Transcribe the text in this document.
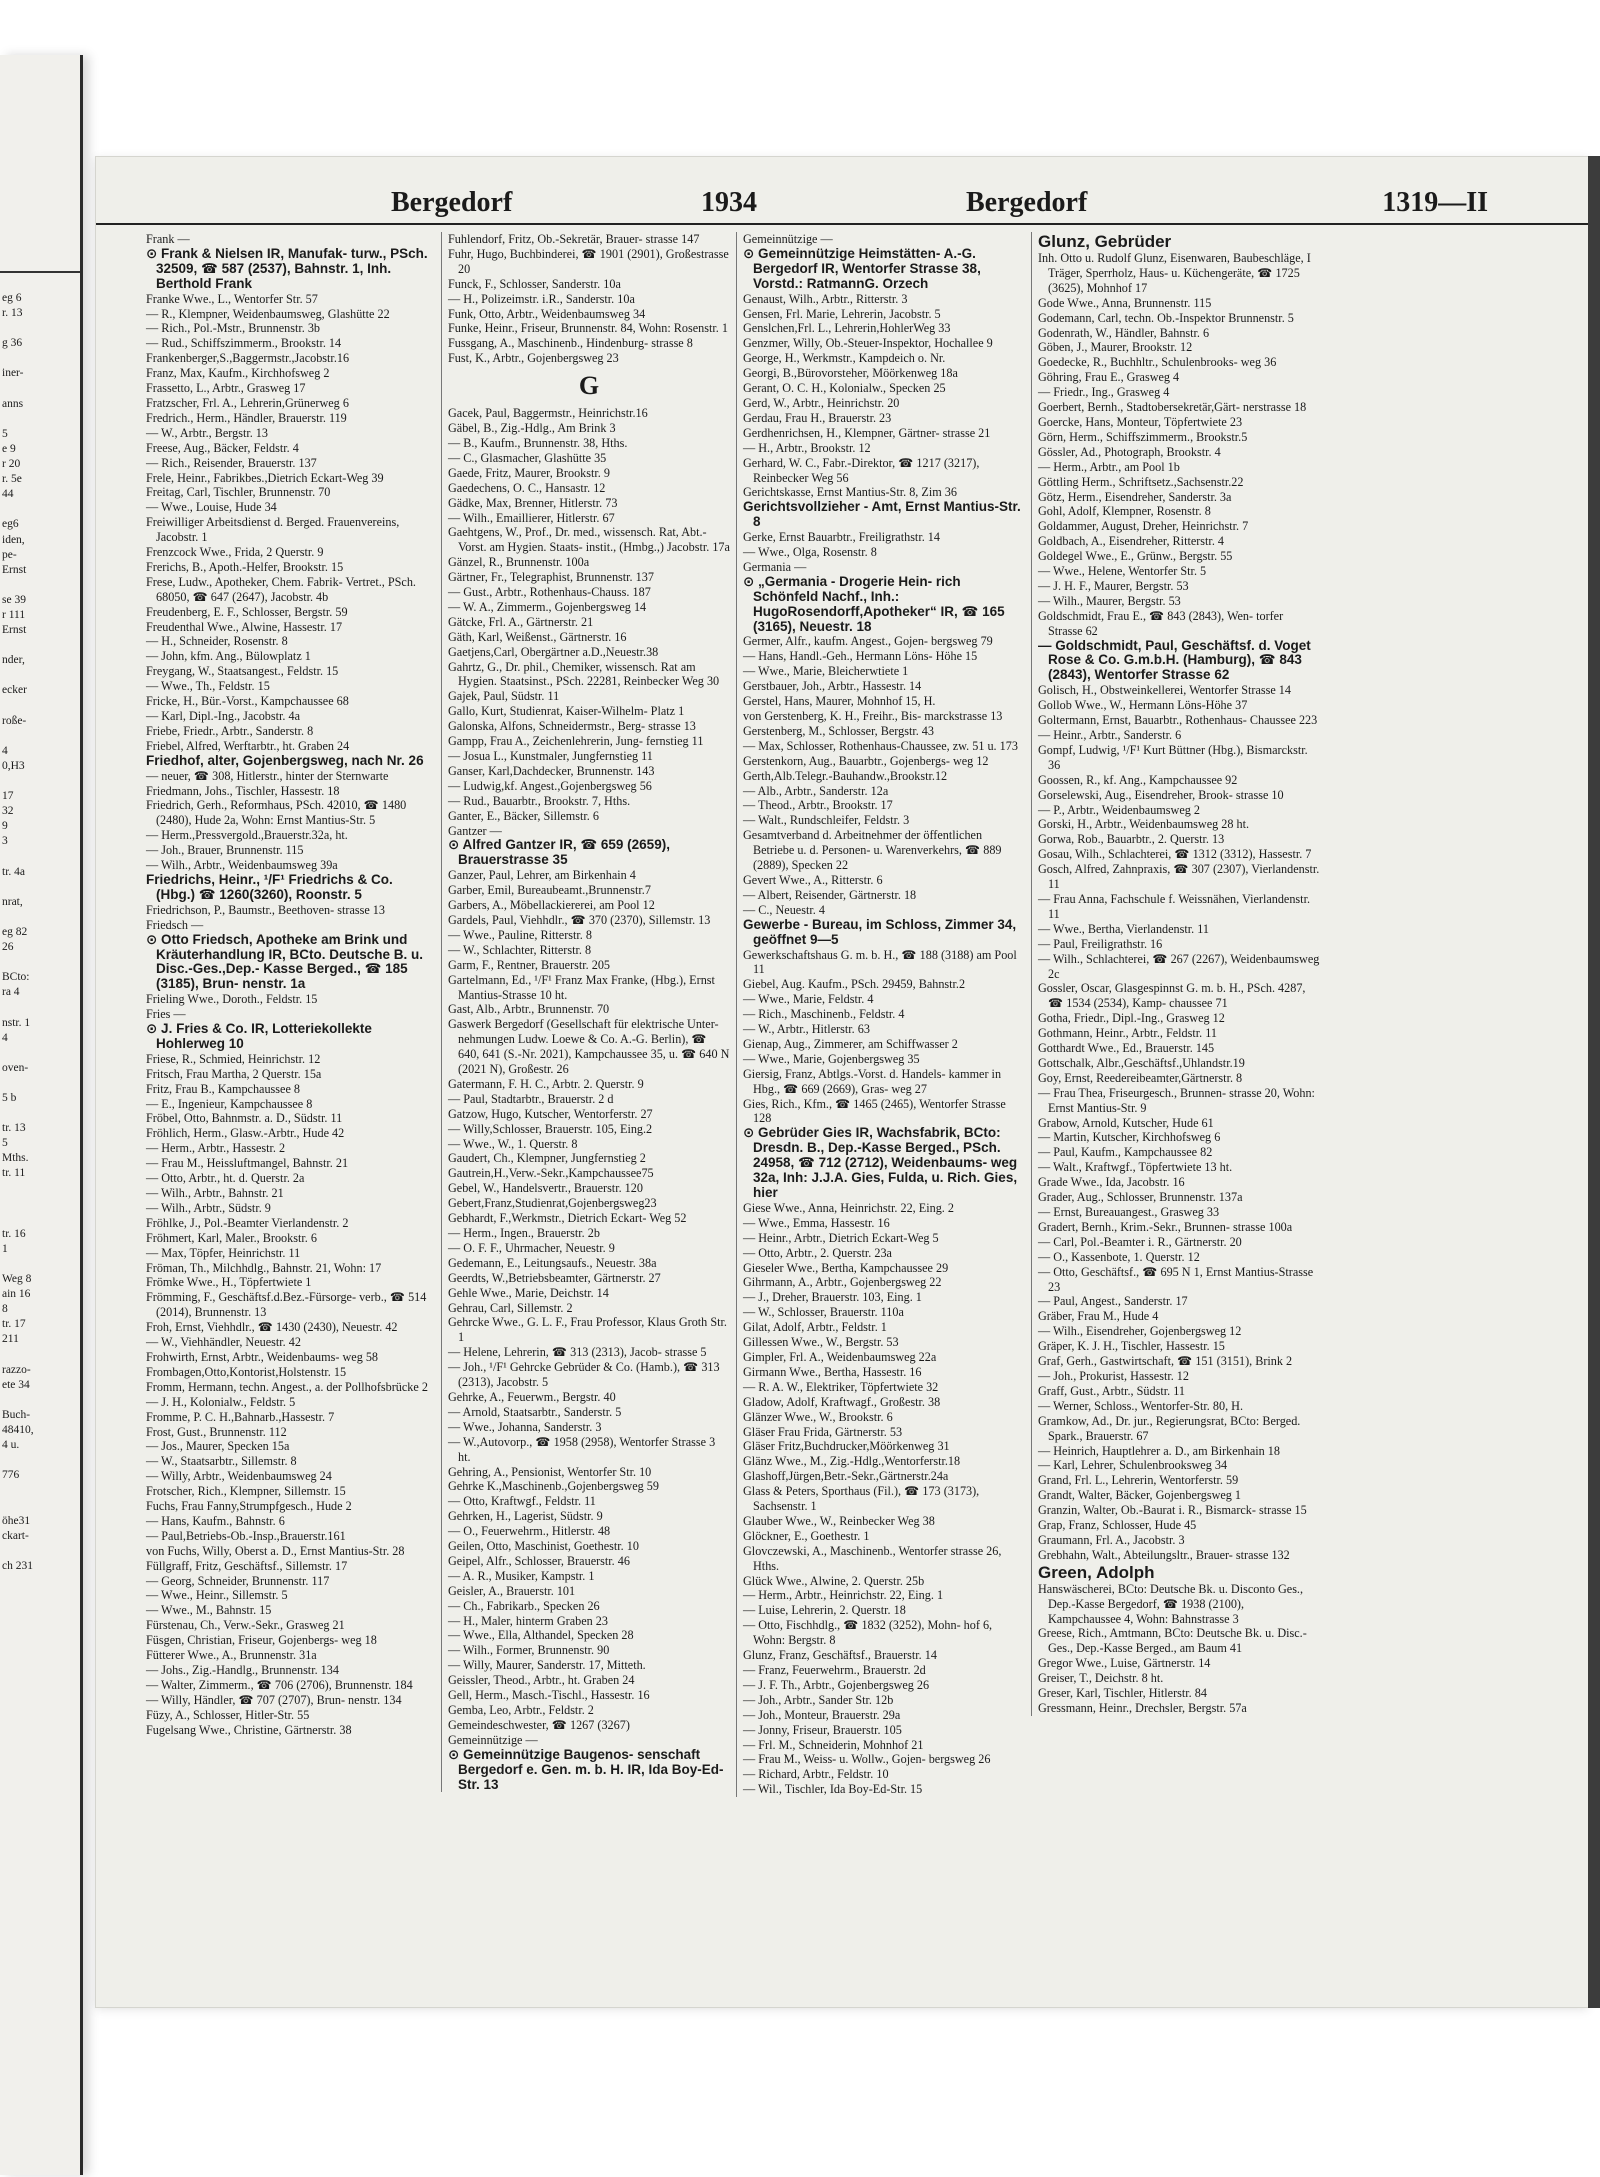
eg 6
r. 13

g 36

iner-

anns

5
e 9
r 20
r. 5e
44

eg6
iden,
pe-
Ernst

se 39
r 111
Ernst

nder,

ecker

roße-

4
0,H3

17
32
9
3

tr. 4a

nrat,

eg 82
26

BCto:
ra 4

nstr. 1
4

oven-

5 b

tr. 13
5
Mths.
tr. 11

tr. 16
1

Weg 8
ain 16
8
tr. 17
211

razzo-
ete 34

Buch-
48410,
4 u.

776

öhe31
ckart-

ch 231
Bergedorf	1934	Bergedorf	1319—II

Frank —

⊙ Frank & Nielsen IR, Manufak- turw., PSch. 32509, ☎ 587 (2537), Bahnstr. 1, Inh. Berthold Frank

Franke Wwe., L., Wentorfer Str. 57

— R., Klempner, Weidenbaumsweg, Glashütte 22

— Rich., Pol.-Mstr., Brunnenstr. 3b

— Rud., Schiffszimmerm., Brookstr. 14

Frankenberger,S.,Baggermstr.,Jacobstr.16

Franz, Max, Kaufm., Kirchhofsweg 2

Frassetto, L., Arbtr., Grasweg 17

Fratzscher, Frl. A., Lehrerin,Grünerweg 6

Fredrich., Herm., Händler, Brauerstr. 119

— W., Arbtr., Bergstr. 13

Freese, Aug., Bäcker, Feldstr. 4

— Rich., Reisender, Brauerstr. 137

Frele, Heinr., Fabrikbes.,Dietrich Eckart-Weg 39

Freitag, Carl, Tischler, Brunnenstr. 70

— Wwe., Louise, Hude 34

Freiwilliger Arbeitsdienst d. Berged. Frauenvereins, Jacobstr. 1

Frenzcock Wwe., Frida, 2 Querstr. 9

Frerichs, B., Apoth.-Helfer, Brookstr. 15

Frese, Ludw., Apotheker, Chem. Fabrik- Vertret., PSch. 68050, ☎ 647 (2647), Jacobstr. 4b

Freudenberg, E. F., Schlosser, Bergstr. 59

Freudenthal Wwe., Alwine, Hassestr. 17

— H., Schneider, Rosenstr. 8

— John, kfm. Ang., Bülowplatz 1

Freygang, W., Staatsangest., Feldstr. 15

— Wwe., Th., Feldstr. 15

Fricke, H., Bür.-Vorst., Kampchaussee 68

— Karl, Dipl.-Ing., Jacobstr. 4a

Friebe, Friedr., Arbtr., Sanderstr. 8

Friebel, Alfred, Werftarbtr., ht. Graben 24

Friedhof, alter, Gojenbergsweg, nach Nr. 26

— neuer, ☎ 308, Hitlerstr., hinter der Sternwarte

Friedmann, Johs., Tischler, Hassestr. 18

Friedrich, Gerh., Reformhaus, PSch. 42010, ☎ 1480 (2480), Hude 2a, Wohn: Ernst Mantius-Str. 5

— Herm.,Pressvergold.,Brauerstr.32a, ht.

— Joh., Brauer, Brunnenstr. 115

— Wilh., Arbtr., Weidenbaumsweg 39a

Friedrichs, Heinr., ¹/F¹ Friedrichs & Co. (Hbg.) ☎ 1260(3260), Roonstr. 5

Friedrichson, P., Baumstr., Beethoven- strasse 13

Friedsch —

⊙ Otto Friedsch, Apotheke am Brink und Kräuterhandlung IR, BCto. Deutsche B. u. Disc.-Ges.,Dep.- Kasse Berged., ☎ 185 (3185), Brun- nenstr. 1a

Frieling Wwe., Doroth., Feldstr. 15

Fries —

⊙ J. Fries & Co. IR, Lotteriekollekte Hohlerweg 10

Friese, R., Schmied, Heinrichstr. 12

Fritsch, Frau Martha, 2 Querstr. 15a

Fritz, Frau B., Kampchaussee 8

— E., Ingenieur, Kampchaussee 8

Fröbel, Otto, Bahnmstr. a. D., Südstr. 11

Fröhlich, Herm., Glasw.-Arbtr., Hude 42

— Herm., Arbtr., Hassestr. 2

— Frau M., Heissluftmangel, Bahnstr. 21

— Otto, Arbtr., ht. d. Querstr. 2a

— Wilh., Arbtr., Bahnstr. 21

— Wilh., Arbtr., Südstr. 9

Fröhlke, J., Pol.-Beamter Vierlandenstr. 2

Fröhmert, Karl, Maler., Brookstr. 6

— Max, Töpfer, Heinrichstr. 11

Fröman, Th., Milchhdlg., Bahnstr. 21, Wohn: 17

Frömke Wwe., H., Töpfertwiete 1

Frömming, F., Geschäftsf.d.Bez.-Fürsorge- verb., ☎ 514 (2014), Brunnenstr. 13

Froh, Ernst, Viehhdlr., ☎ 1430 (2430), Neuestr. 42

— W., Viehhändler, Neuestr. 42

Frohwirth, Ernst, Arbtr., Weidenbaums- weg 58

Frombagen,Otto,Kontorist,Holstenstr. 15

Fromm, Hermann, techn. Angest., a. der Pollhofsbrücke 2

— J. H., Kolonialw., Feldstr. 5

Fromme, P. C. H.,Bahnarb.,Hassestr. 7

Frost, Gust., Brunnenstr. 112

— Jos., Maurer, Specken 15a

— W., Staatsarbtr., Sillemstr. 8

— Willy, Arbtr., Weidenbaumsweg 24

Frotscher, Rich., Klempner, Sillemstr. 15

Fuchs, Frau Fanny,Strumpfgesch., Hude 2

— Hans, Kaufm., Bahnstr. 6

— Paul,Betriebs-Ob.-Insp.,Brauerstr.161

von Fuchs, Willy, Oberst a. D., Ernst Mantius-Str. 28

Füllgraff, Fritz, Geschäftsf., Sillemstr. 17

— Georg, Schneider, Brunnenstr. 117

— Wwe., Heinr., Sillemstr. 5

— Wwe., M., Bahnstr. 15

Fürstenau, Ch., Verw.-Sekr., Grasweg 21

Füsgen, Christian, Friseur, Gojenbergs- weg 18

Fütterer Wwe., A., Brunnenstr. 31a

— Johs., Zig.-Handlg., Brunnenstr. 134

— Walter, Zimmerm., ☎ 706 (2706), Brunnenstr. 184

— Willy, Händler, ☎ 707 (2707), Brun- nenstr. 134

Füzy, A., Schlosser, Hitler-Str. 55

Fugelsang Wwe., Christine, Gärtnerstr. 38

Fuhlendorf, Fritz, Ob.-Sekretär, Brauer- strasse 147

Fuhr, Hugo, Buchbinderei, ☎ 1901 (2901), Großestrasse 20

Funck, F., Schlosser, Sanderstr. 10a

— H., Polizeimstr. i.R., Sanderstr. 10a

Funk, Otto, Arbtr., Weidenbaumsweg 34

Funke, Heinr., Friseur, Brunnenstr. 84, Wohn: Rosenstr. 1

Fussgang, A., Maschinenb., Hindenburg- strasse 8

Fust, K., Arbtr., Gojenbergsweg 23

G

Gacek, Paul, Baggermstr., Heinrichstr.16

Gäbel, B., Zig.-Hdlg., Am Brink 3

— B., Kaufm., Brunnenstr. 38, Hths.

— C., Glasmacher, Glashütte 35

Gaede, Fritz, Maurer, Brookstr. 9

Gaedechens, O. C., Hansastr. 12

Gädke, Max, Brenner, Hitlerstr. 73

— Wilh., Emaillierer, Hitlerstr. 67

Gaehtgens, W., Prof., Dr. med., wissensch. Rat, Abt.-Vorst. am Hygien. Staats- instit., (Hmbg.,) Jacobstr. 17a

Gänzel, R., Brunnenstr. 100a

Gärtner, Fr., Telegraphist, Brunnenstr. 137

— Gust., Arbtr., Rothenhaus-Chauss. 187

— W. A., Zimmerm., Gojenbergsweg 14

Gätcke, Frl. A., Gärtnerstr. 21

Gäth, Karl, Weißenst., Gärtnerstr. 16

Gaetjens,Carl, Obergärtner a.D.,Neuestr.38

Gahrtz, G., Dr. phil., Chemiker, wissensch. Rat am Hygien. Staatsinst., PSch. 22281, Reinbecker Weg 30

Gajek, Paul, Südstr. 11

Gallo, Kurt, Studienrat, Kaiser-Wilhelm- Platz 1

Galonska, Alfons, Schneidermstr., Berg- strasse 13

Gampp, Frau A., Zeichenlehrerin, Jung- fernstieg 11

— Josua L., Kunstmaler, Jungfernstieg 11

Ganser, Karl,Dachdecker, Brunnenstr. 143

— Ludwig,kf. Angest.,Gojenbergsweg 56

— Rud., Bauarbtr., Brookstr. 7, Hths.

Ganter, E., Bäcker, Sillemstr. 6

Gantzer —

⊙ Alfred Gantzer IR, ☎ 659 (2659), Brauerstrasse 35

Ganzer, Paul, Lehrer, am Birkenhain 4

Garber, Emil, Bureaubeamt.,Brunnenstr.7

Garbers, A., Möbellackiererei, am Pool 12

Gardels, Paul, Viehhdlr., ☎ 370 (2370), Sillemstr. 13

— Wwe., Pauline, Ritterstr. 8

— W., Schlachter, Ritterstr. 8

Garm, F., Rentner, Brauerstr. 205

Gartelmann, Ed., ¹/F¹ Franz Max Franke, (Hbg.), Ernst Mantius-Strasse 10 ht.

Gast, Alb., Arbtr., Brunnenstr. 70

Gaswerk Bergedorf (Gesellschaft für elektrische Unter- nehmungen Ludw. Loewe & Co. A.-G. Berlin), ☎ 640, 641 (S.-Nr. 2021), Kampchaussee 35, u. ☎ 640 N (2021 N), Großestr. 26

Gatermann, F. H. C., Arbtr. 2. Querstr. 9

— Paul, Stadtarbtr., Brauerstr. 2 d

Gatzow, Hugo, Kutscher, Wentorferstr. 27

— Willy,Schlosser, Brauerstr. 105, Eing.2

— Wwe., W., 1. Querstr. 8

Gaudert, Ch., Klempner, Jungfernstieg 2

Gautrein,H.,Verw.-Sekr.,Kampchaussee75

Gebel, W., Handelsvertr., Brauerstr. 120

Gebert,Franz,Studienrat,Gojenbergsweg23

Gebhardt, F.,Werkmstr., Dietrich Eckart- Weg 52

— Herm., Ingen., Brauerstr. 2b

— O. F. F., Uhrmacher, Neuestr. 9

Gedemann, E., Leitungsaufs., Neuestr. 38a

Geerdts, W.,Betriebsbeamter, Gärtnerstr. 27

Gehle Wwe., Marie, Deichstr. 14

Gehrau, Carl, Sillemstr. 2

Gehrcke Wwe., G. L. F., Frau Professor, Klaus Groth Str. 1

— Helene, Lehrerin, ☎ 313 (2313), Jacob- strasse 5

— Joh., ¹/F¹ Gehrcke Gebrüder & Co. (Hamb.), ☎ 313 (2313), Jacobstr. 5

Gehrke, A., Feuerwm., Bergstr. 40

— Arnold, Staatsarbtr., Sanderstr. 5

— Wwe., Johanna, Sanderstr. 3

— W.,Autovorp., ☎ 1958 (2958), Wentorfer Strasse 3 ht.

Gehring, A., Pensionist, Wentorfer Str. 10

Gehrke K.,Maschinenb.,Gojenbergsweg 59

— Otto, Kraftwgf., Feldstr. 11

Gehrken, H., Lagerist, Südstr. 9

— O., Feuerwehrm., Hitlerstr. 48

Geilen, Otto, Maschinist, Goethestr. 10

Geipel, Alfr., Schlosser, Brauerstr. 46

— A. R., Musiker, Kampstr. 1

Geisler, A., Brauerstr. 101

— Ch., Fabrikarb., Specken 26

— H., Maler, hinterm Graben 23

— Wwe., Ella, Althandel, Specken 28

— Wilh., Former, Brunnenstr. 90

— Willy, Maurer, Sanderstr. 17, Mitteth.

Geissler, Theod., Arbtr., ht. Graben 24

Gell, Herm., Masch.-Tischl., Hassestr. 16

Gemba, Leo, Arbtr., Feldstr. 2

Gemeindeschwester, ☎ 1267 (3267)

Gemeinnützige —

⊙ Gemeinnützige Baugenos- senschaft Bergedorf e. Gen. m. b. H. IR, Ida Boy-Ed-Str. 13

Gemeinnützige —

⊙ Gemeinnützige Heimstätten- A.-G. Bergedorf IR, Wentorfer Strasse 38, Vorstd.: RatmannG. Orzech

Genaust, Wilh., Arbtr., Ritterstr. 3

Gensen, Frl. Marie, Lehrerin, Jacobstr. 5

Genslchen,Frl. L., Lehrerin,HohlerWeg 33

Genzmer, Willy, Ob.-Steuer-Inspektor, Hochallee 9

George, H., Werkmstr., Kampdeich o. Nr.

Georgi, B.,Bürovorsteher, Möörkenweg 18a

Gerant, O. C. H., Kolonialw., Specken 25

Gerd, W., Arbtr., Heinrichstr. 20

Gerdau, Frau H., Brauerstr. 23

Gerdhenrichsen, H., Klempner, Gärtner- strasse 21

— H., Arbtr., Brookstr. 12

Gerhard, W. C., Fabr.-Direktor, ☎ 1217 (3217), Reinbecker Weg 56

Gerichtskasse, Ernst Mantius-Str. 8, Zim 36

Gerichtsvollzieher - Amt, Ernst Mantius-Str. 8

Gerke, Ernst Bauarbtr., Freiligrathstr. 14

— Wwe., Olga, Rosenstr. 8

Germania —

⊙ „Germania - Drogerie Hein- rich Schönfeld Nachf., Inh.: HugoRosendorff,Apotheker“ IR, ☎ 165 (3165), Neuestr. 18

Germer, Alfr., kaufm. Angest., Gojen- bergsweg 79

— Hans, Handl.-Geh., Hermann Löns- Höhe 15

— Wwe., Marie, Bleicherwtiete 1

Gerstbauer, Joh., Arbtr., Hassestr. 14

Gerstel, Hans, Maurer, Mohnhof 15, H.

von Gerstenberg, K. H., Freihr., Bis- marckstrasse 13

Gerstenberg, M., Schlosser, Bergstr. 43

— Max, Schlosser, Rothenhaus-Chaussee, zw. 51 u. 173

Gerstenkorn, Aug., Bauarbtr., Gojenbergs- weg 12

Gerth,Alb.Telegr.-Bauhandw.,Brookstr.12

— Alb., Arbtr., Sanderstr. 12a

— Theod., Arbtr., Brookstr. 17

— Walt., Rundschleifer, Feldstr. 3

Gesamtverband d. Arbeitnehmer der öffentlichen Betriebe u. d. Personen- u. Warenverkehrs, ☎ 889 (2889), Specken 22

Gevert Wwe., A., Ritterstr. 6

— Albert, Reisender, Gärtnerstr. 18

— C., Neuestr. 4

Gewerbe - Bureau, im Schloss, Zimmer 34, geöffnet 9—5

Gewerkschaftshaus G. m. b. H., ☎ 188 (3188) am Pool 11

Giebel, Aug. Kaufm., PSch. 29459, Bahnstr.2

— Wwe., Marie, Feldstr. 4

— Rich., Maschinenb., Feldstr. 4

— W., Arbtr., Hitlerstr. 63

Gienap, Aug., Zimmerer, am Schiffwasser 2

— Wwe., Marie, Gojenbergsweg 35

Giersig, Franz, Abtlgs.-Vorst. d. Handels- kammer in Hbg., ☎ 669 (2669), Gras- weg 27

Gies, Rich., Kfm., ☎ 1465 (2465), Wentorfer Strasse 128

⊙ Gebrüder Gies IR, Wachsfabrik, BCto: Dresdn. B., Dep.-Kasse Berged., PSch. 24958, ☎ 712 (2712), Weidenbaums- weg 32a, Inh: J.J.A. Gies, Fulda, u. Rich. Gies, hier

Giese Wwe., Anna, Heinrichstr. 22, Eing. 2

— Wwe., Emma, Hassestr. 16

— Heinr., Arbtr., Dietrich Eckart-Weg 5

— Otto, Arbtr., 2. Querstr. 23a

Gieseler Wwe., Bertha, Kampchaussee 29

Gihrmann, A., Arbtr., Gojenbergsweg 22

— J., Dreher, Brauerstr. 103, Eing. 1

— W., Schlosser, Brauerstr. 110a

Gilat, Adolf, Arbtr., Feldstr. 1

Gillessen Wwe., W., Bergstr. 53

Gimpler, Frl. A., Weidenbaumsweg 22a

Girmann Wwe., Bertha, Hassestr. 16

— R. A. W., Elektriker, Töpfertwiete 32

Gladow, Adolf, Kraftwagf., Großestr. 38

Glänzer Wwe., W., Brookstr. 6

Gläser Frau Frida, Gärtnerstr. 53

Gläser Fritz,Buchdrucker,Möörkenweg 31

Glänz Wwe., M., Zig.-Hdlg.,Wentorferstr.18

Glashoff,Jürgen,Betr.-Sekr.,Gärtnerstr.24a

Glass & Peters, Sporthaus (Fil.), ☎ 173 (3173), Sachsenstr. 1

Glauber Wwe., W., Reinbecker Weg 38

Glöckner, E., Goethestr. 1

Glovczewski, A., Maschinenb., Wentorfer strasse 26, Hths.

Glück Wwe., Alwine, 2. Querstr. 25b

— Herm., Arbtr., Heinrichstr. 22, Eing. 1

— Luise, Lehrerin, 2. Querstr. 18

— Otto, Fischhdlg., ☎ 1832 (3252), Mohn- hof 6, Wohn: Bergstr. 8

Glunz, Franz, Geschäftsf., Brauerstr. 14

— Franz, Feuerwehrm., Brauerstr. 2d

— J. F. Th., Arbtr., Gojenbergsweg 26

— Joh., Arbtr., Sander Str. 12b

— Joh., Monteur, Brauerstr. 29a

— Jonny, Friseur, Brauerstr. 105

— Frl. M., Schneiderin, Mohnhof 21

— Frau M., Weiss- u. Wollw., Gojen- bergsweg 26

— Richard, Arbtr., Feldstr. 10

— Wil., Tischler, Ida Boy-Ed-Str. 15

Glunz, Gebrüder

Inh. Otto u. Rudolf Glunz, Eisenwaren, Baubeschläge, I Träger, Sperrholz, Haus- u. Küchengeräte, ☎ 1725 (3625), Mohnhof 17

Gode Wwe., Anna, Brunnenstr. 115

Godemann, Carl, techn. Ob.-Inspektor Brunnenstr. 5

Godenrath, W., Händler, Bahnstr. 6

Göben, J., Maurer, Brookstr. 12

Goedecke, R., Buchhltr., Schulenbrooks- weg 36

Göhring, Frau E., Grasweg 4

— Friedr., Ing., Grasweg 4

Goerbert, Bernh., Stadtobersekretär,Gärt- nerstrasse 18

Goercke, Hans, Monteur, Töpfertwiete 23

Görn, Herm., Schiffszimmerm., Brookstr.5

Gössler, Ad., Photograph, Brookstr. 4

— Herm., Arbtr., am Pool 1b

Göttling Herm., Schriftsetz.,Sachsenstr.22

Götz, Herm., Eisendreher, Sanderstr. 3a

Gohl, Adolf, Klempner, Rosenstr. 8

Goldammer, August, Dreher, Heinrichstr. 7

Goldbach, A., Eisendreher, Ritterstr. 4

Goldegel Wwe., E., Grünw., Bergstr. 55

— Wwe., Helene, Wentorfer Str. 5

— J. H. F., Maurer, Bergstr. 53

— Wilh., Maurer, Bergstr. 53

Goldschmidt, Frau E., ☎ 843 (2843), Wen- torfer Strasse 62

— Goldschmidt, Paul, Geschäftsf. d. Voget Rose & Co. G.m.b.H. (Hamburg), ☎ 843 (2843), Wentorfer Strasse 62

Golisch, H., Obstweinkellerei, Wentorfer Strasse 14

Gollob Wwe., W., Hermann Löns-Höhe 37

Goltermann, Ernst, Bauarbtr., Rothenhaus- Chaussee 223

— Heinr., Arbtr., Sanderstr. 6

Gompf, Ludwig, ¹/F¹ Kurt Büttner (Hbg.), Bismarckstr. 36

Goossen, R., kf. Ang., Kampchaussee 92

Gorselewski, Aug., Eisendreher, Brook- strasse 10

— P., Arbtr., Weidenbaumsweg 2

Gorski, H., Arbtr., Weidenbaumsweg 28 ht.

Gorwa, Rob., Bauarbtr., 2. Querstr. 13

Gosau, Wilh., Schlachterei, ☎ 1312 (3312), Hassestr. 7

Gosch, Alfred, Zahnpraxis, ☎ 307 (2307), Vierlandenstr. 11

— Frau Anna, Fachschule f. Weissnähen, Vierlandenstr. 11

— Wwe., Bertha, Vierlandenstr. 11

— Paul, Freiligrathstr. 16

— Wilh., Schlachterei, ☎ 267 (2267), Weidenbaumsweg 2c

Gossler, Oscar, Glasgespinnst G. m. b. H., PSch. 4287, ☎ 1534 (2534), Kamp- chaussee 71

Gotha, Friedr., Dipl.-Ing., Grasweg 12

Gothmann, Heinr., Arbtr., Feldstr. 11

Gotthardt Wwe., Ed., Brauerstr. 145

Gottschalk, Albr.,Geschäftsf.,Uhlandstr.19

Goy, Ernst, Reedereibeamter,Gärtnerstr. 8

— Frau Thea, Friseurgesch., Brunnen- strasse 20, Wohn: Ernst Mantius-Str. 9

Grabow, Arnold, Kutscher, Hude 61

— Martin, Kutscher, Kirchhofsweg 6

— Paul, Kaufm., Kampchaussee 82

— Walt., Kraftwgf., Töpfertwiete 13 ht.

Grade Wwe., Ida, Jacobstr. 16

Grader, Aug., Schlosser, Brunnenstr. 137a

— Ernst, Bureauangest., Grasweg 33

Gradert, Bernh., Krim.-Sekr., Brunnen- strasse 100a

— Carl, Pol.-Beamter i. R., Gärtnerstr. 20

— O., Kassenbote, 1. Querstr. 12

— Otto, Geschäftsf., ☎ 695 N 1, Ernst Mantius-Strasse 23

— Paul, Angest., Sanderstr. 17

Gräber, Frau M., Hude 4

— Wilh., Eisendreher, Gojenbergsweg 12

Gräper, K. J. H., Tischler, Hassestr. 15

Graf, Gerh., Gastwirtschaft, ☎ 151 (3151), Brink 2

— Joh., Prokurist, Hassestr. 12

Graff, Gust., Arbtr., Südstr. 11

— Werner, Schloss., Wentorfer-Str. 80, H.

Gramkow, Ad., Dr. jur., Regierungsrat, BCto: Berged. Spark., Brauerstr. 67

— Heinrich, Hauptlehrer a. D., am Birkenhain 18

— Karl, Lehrer, Schulenbrooksweg 34

Grand, Frl. L., Lehrerin, Wentorferstr. 59

Grandt, Walter, Bäcker, Gojenbergsweg 1

Granzin, Walter, Ob.-Baurat i. R., Bismarck- strasse 15

Grap, Franz, Schlosser, Hude 45

Graumann, Frl. A., Jacobstr. 3

Grebhahn, Walt., Abteilungsltr., Brauer- strasse 132

Green, Adolph

Hanswäscherei, BCto: Deutsche Bk. u. Disconto Ges., Dep.-Kasse Bergedorf, ☎ 1938 (2100), Kampchaussee 4, Wohn: Bahnstrasse 3

Greese, Rich., Amtmann, BCto: Deutsche Bk. u. Disc.-Ges., Dep.-Kasse Berged., am Baum 41

Gregor Wwe., Luise, Gärtnerstr. 14

Greiser, T., Deichstr. 8 ht.

Greser, Karl, Tischler, Hitlerstr. 84

Gressmann, Heinr., Drechsler, Bergstr. 57a
